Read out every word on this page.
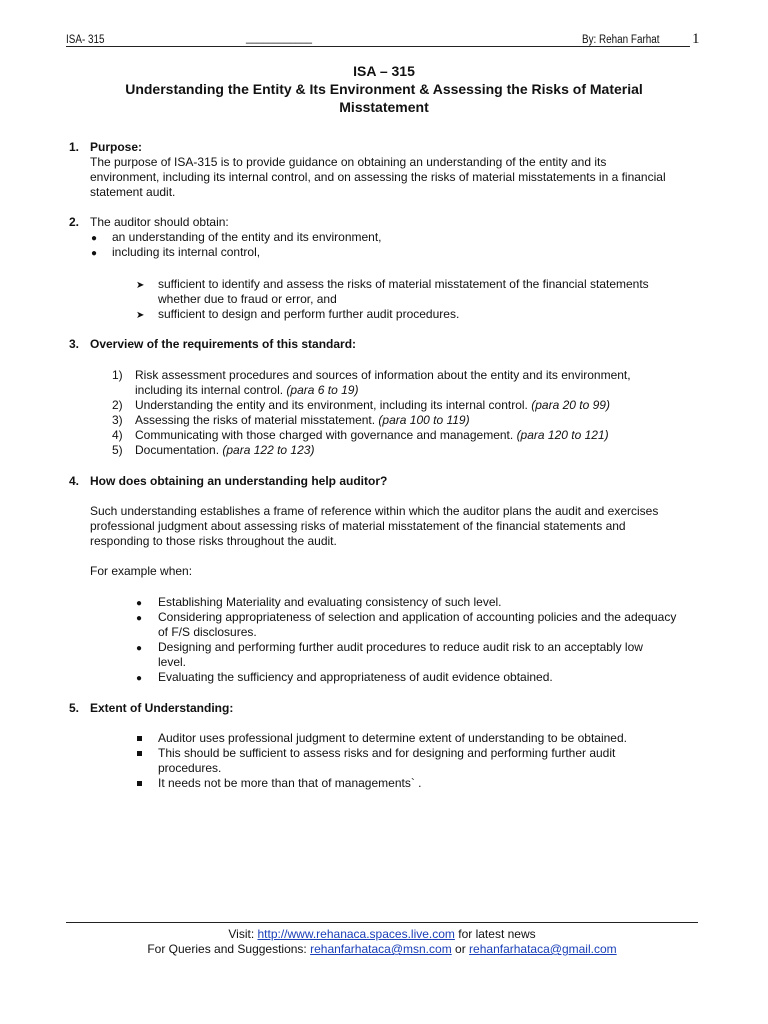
ISA- 315	____________	By: Rehan Farhat 1
ISA – 315
Understanding the Entity & Its Environment & Assessing the Risks of Material
Misstatement
1. Purpose:
The purpose of ISA-315 is to provide guidance on obtaining an understanding of the entity and its
environment, including its internal control, and on assessing the risks of material misstatements in a financial
statement audit.
2. The auditor should obtain:
● an understanding of the entity and its environment,
● including its internal control,
➤ sufficient to identify and assess the risks of material misstatement of the financial statements
whether due to fraud or error, and
➤ sufficient to design and perform further audit procedures.
3. Overview of the requirements of this standard:
1) Risk assessment procedures and sources of information about the entity and its environment,
including its internal control. (para 6 to 19)
2) Understanding the entity and its environment, including its internal control. (para 20 to 99)
3) Assessing the risks of material misstatement. (para 100 to 119)
4) Communicating with those charged with governance and management. (para 120 to 121)
5) Documentation. (para 122 to 123)
4. How does obtaining an understanding help auditor?
Such understanding establishes a frame of reference within which the auditor plans the audit and exercises
professional judgment about assessing risks of material misstatement of the financial statements and
responding to those risks throughout the audit.
For example when:
● Establishing Materiality and evaluating consistency of such level.
● Considering appropriateness of selection and application of accounting policies and the adequacy
of F/S disclosures.
● Designing and performing further audit procedures to reduce audit risk to an acceptably low
level.
● Evaluating the sufficiency and appropriateness of audit evidence obtained.
5. Extent of Understanding:
Auditor uses professional judgment to determine extent of understanding to be obtained.
This should be sufficient to assess risks and for designing and performing further audit
procedures.
It needs not be more than that of managements` .
Visit: http://www.rehanaca.spaces.live.com for latest news
For Queries and Suggestions: rehanfarhataca@msn.com or rehanfarhataca@gmail.com
